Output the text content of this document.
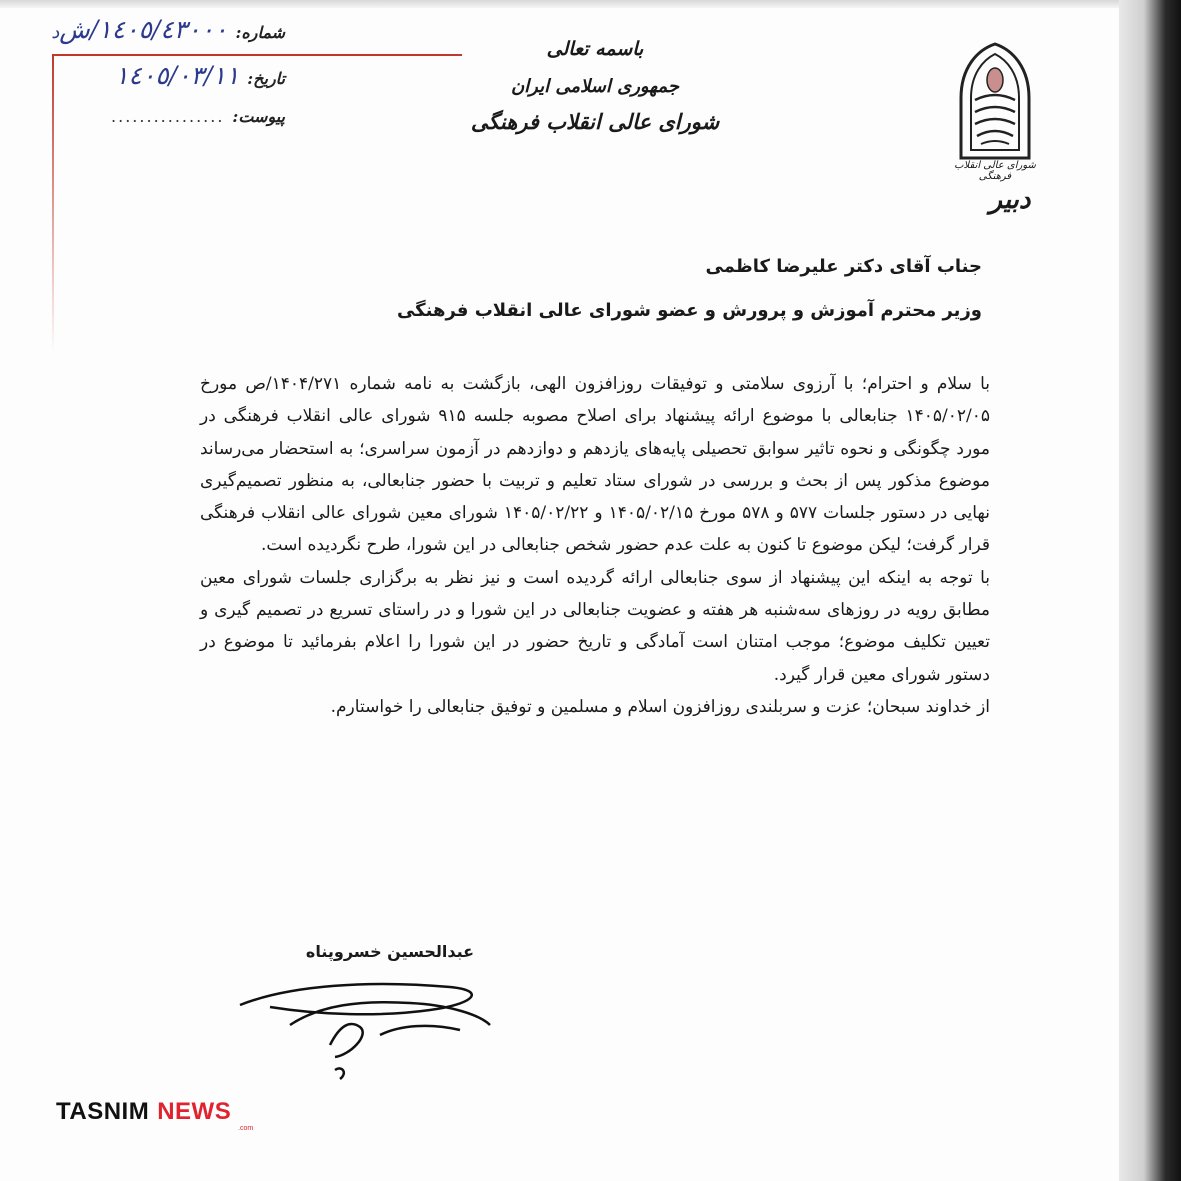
شماره:
١٤٠٥/٤٣٠٠٠/ش
د
تاریخ:
١٤٠٥/٠٣/١١
پیوست:
................
باسمه تعالی
جمهوری اسلامی ایران
شورای عالی انقلاب فرهنگی
شورای عالی انقلاب فرهنگی
دبیر
جناب آقای دکتر علیرضا کاظمی
وزیر محترم آموزش و پرورش و عضو شورای عالی انقلاب فرهنگی

با سلام و احترام؛ با آرزوی سلامتی و توفیقات روزافزون الهی، بازگشت به نامه شماره ۱۴۰۴/۲۷۱/ص مورخ ۱۴۰۵/۰۲/۰۵ جنابعالی با موضوع ارائه پیشنهاد برای اصلاح مصوبه جلسه ۹۱۵ شورای عالی انقلاب فرهنگی در مورد چگونگی و نحوه تاثیر سوابق تحصیلی پایه‌های یازدهم و دوازدهم در آزمون سراسری؛ به استحضار می‌رساند موضوع مذکور پس از بحث و بررسی در شورای ستاد تعلیم و تربیت با حضور جنابعالی، به منظور تصمیم‌گیری نهایی در دستور جلسات ۵۷۷ و ۵۷۸ مورخ ۱۴۰۵/۰۲/۱۵ و ۱۴۰۵/۰۲/۲۲ شورای معین شورای عالی انقلاب فرهنگی قرار گرفت؛ لیکن موضوع تا کنون به علت عدم حضور شخص جنابعالی در این شورا، طرح نگردیده است.

با توجه به اینکه این پیشنهاد از سوی جنابعالی ارائه گردیده است و نیز نظر به برگزاری جلسات شورای معین مطابق رویه در روزهای سه‌شنبه هر هفته و عضویت جنابعالی در این شورا و در راستای تسریع در تصمیم گیری و تعیین تکلیف موضوع؛ موجب امتنان است آمادگی و تاریخ حضور در این شورا را اعلام بفرمائید تا موضوع در دستور شورای معین قرار گیرد.

از خداوند سبحان؛ عزت و سربلندی روزافزون اسلام و مسلمین و توفیق جنابعالی را خواستارم.

عبدالحسین خسروپناه
TASNIM NEWS
.com
